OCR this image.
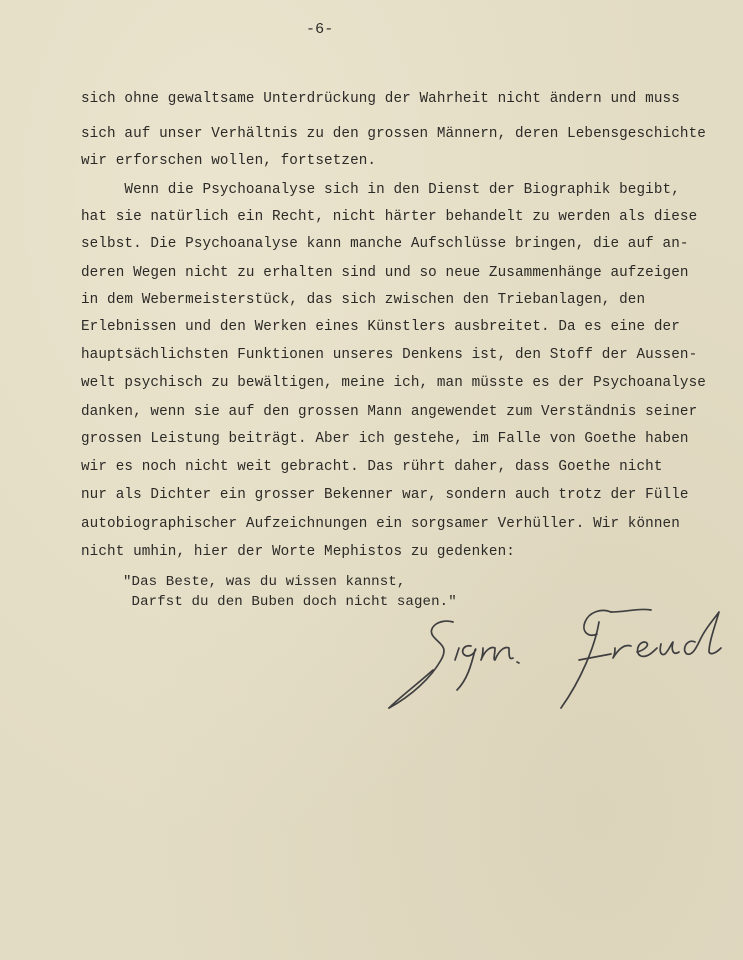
-6-
sich ohne gewaltsame Unterdrückung der Wahrheit nicht ändern und muss
sich auf unser Verhältnis zu den grossen Männern, deren Lebensgeschichte
wir erforschen wollen, fortsetzen.
Wenn die Psychoanalyse sich in den Dienst der Biographik begibt,
hat sie natürlich ein Recht, nicht härter behandelt zu werden als diese
selbst. Die Psychoanalyse kann manche Aufschlüsse bringen, die auf an-
deren Wegen nicht zu erhalten sind und so neue Zusammenhänge aufzeigen
in dem Webermeisterstück, das sich zwischen den Triebanlagen, den
Erlebnissen und den Werken eines Künstlers ausbreitet. Da es eine der
hauptsächlichsten Funktionen unseres Denkens ist, den Stoff der Aussen-
welt psychisch zu bewältigen, meine ich, man müsste es der Psychoanalyse
danken, wenn sie auf den grossen Mann angewendet zum Verständnis seiner
grossen Leistung beiträgt. Aber ich gestehe, im Falle von Goethe haben
wir es noch nicht weit gebracht. Das rührt daher, dass Goethe nicht
nur als Dichter ein grosser Bekenner war, sondern auch trotz der Fülle
autobiographischer Aufzeichnungen ein sorgsamer Verhüller. Wir können
nicht umhin, hier der Worte Mephistos zu gedenken:
"Das Beste, was du wissen kannst,
Darfst du den Buben doch nicht sagen."
